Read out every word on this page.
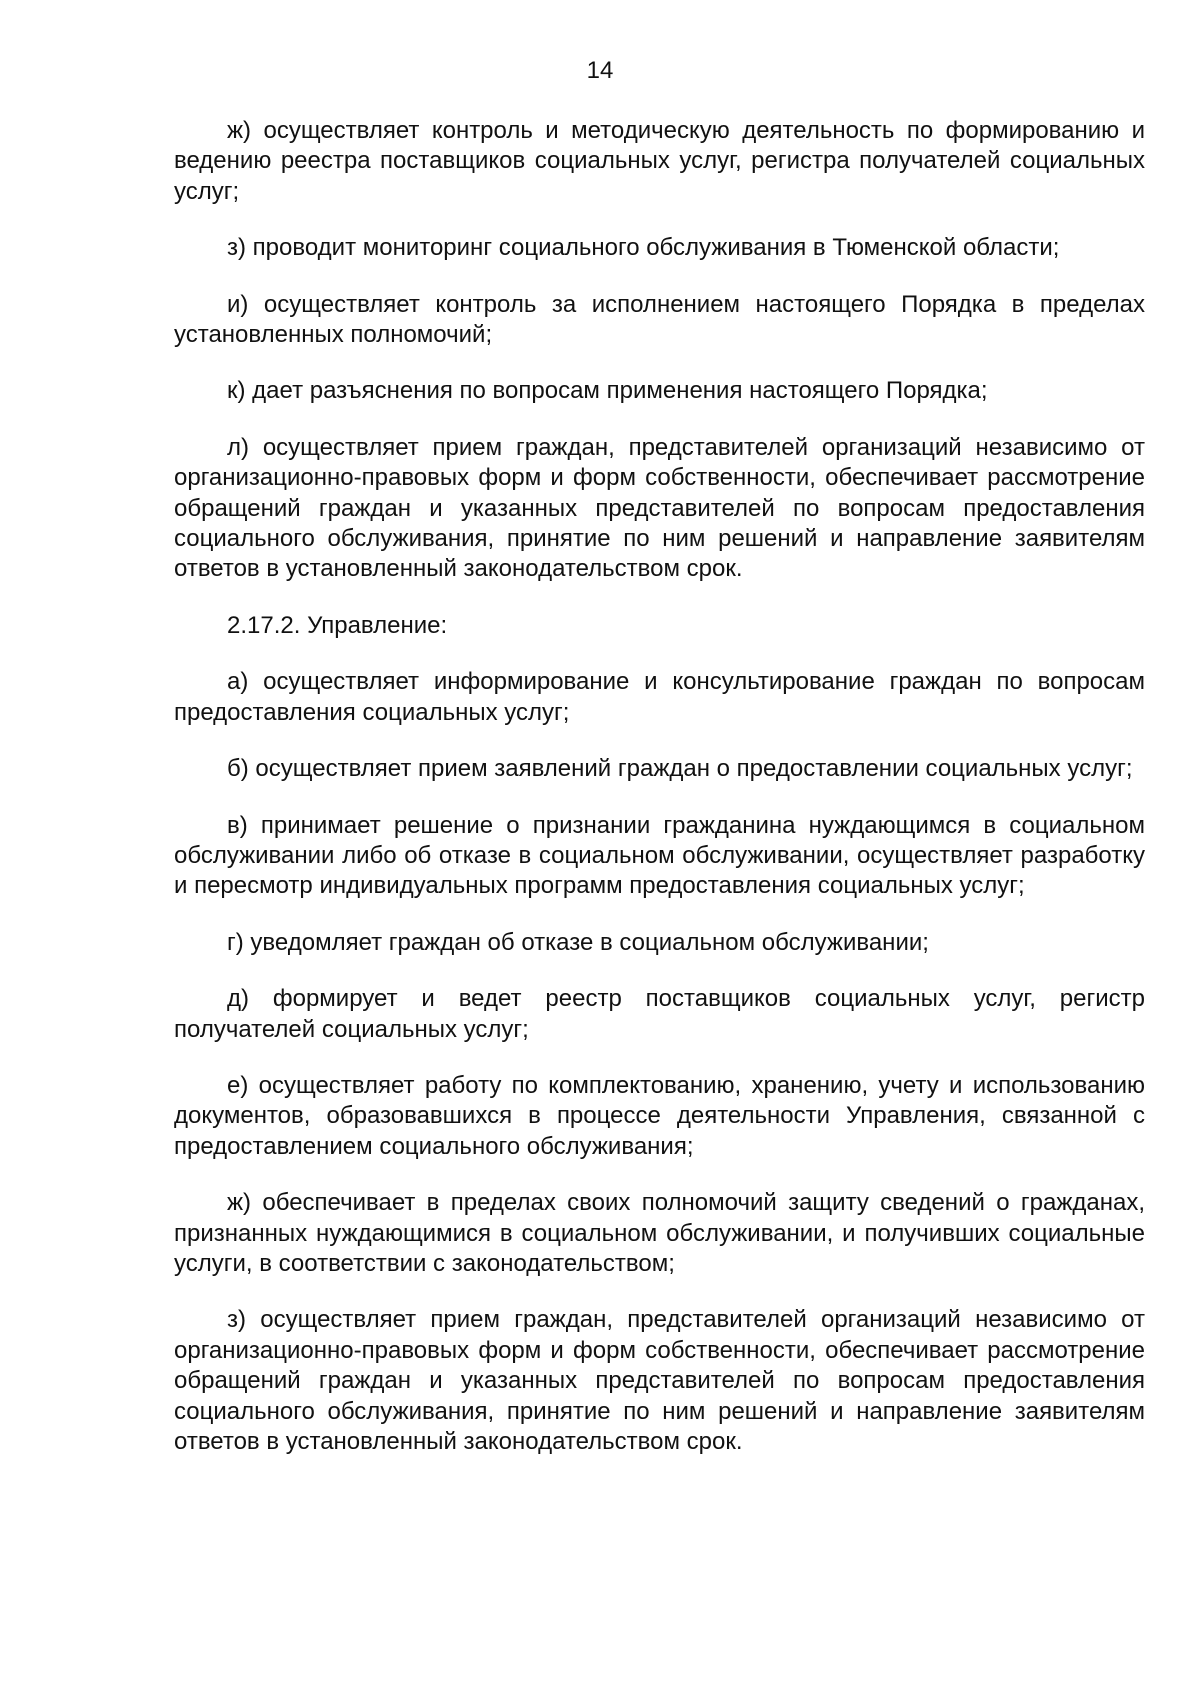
14

ж) осуществляет контроль и методическую деятельность по формированию и ведению реестра поставщиков социальных услуг, регистра получателей социальных услуг;

з) проводит мониторинг социального обслуживания в Тюменской области;

и) осуществляет контроль за исполнением настоящего Порядка в пределах установленных полномочий;

к) дает разъяснения по вопросам применения настоящего Порядка;

л) осуществляет прием граждан, представителей организаций независимо от организационно-правовых форм и форм собственности, обеспечивает рассмотрение обращений граждан и указанных представителей по вопросам предоставления социального обслуживания, принятие по ним решений и направление заявителям ответов в установленный законодательством срок.

2.17.2. Управление:

а) осуществляет информирование и консультирование граждан по вопросам предоставления социальных услуг;

б) осуществляет прием заявлений граждан о предоставлении социальных услуг;

в) принимает решение о признании гражданина нуждающимся в социальном обслуживании либо об отказе в социальном обслуживании, осуществляет разработку и пересмотр индивидуальных программ предоставления социальных услуг;

г) уведомляет граждан об отказе в социальном обслуживании;

д) формирует и ведет реестр поставщиков социальных услуг, регистр получателей социальных услуг;

е) осуществляет работу по комплектованию, хранению, учету и использованию документов, образовавшихся в процессе деятельности Управления, связанной с предоставлением социального обслуживания;

ж) обеспечивает в пределах своих полномочий защиту сведений о гражданах, признанных нуждающимися в социальном обслуживании, и получивших социальные услуги, в соответствии с законодательством;

з) осуществляет прием граждан, представителей организаций независимо от организационно-правовых форм и форм собственности, обеспечивает рассмотрение обращений граждан и указанных представителей по вопросам предоставления социального обслуживания, принятие по ним решений и направление заявителям ответов в установленный законодательством срок.
